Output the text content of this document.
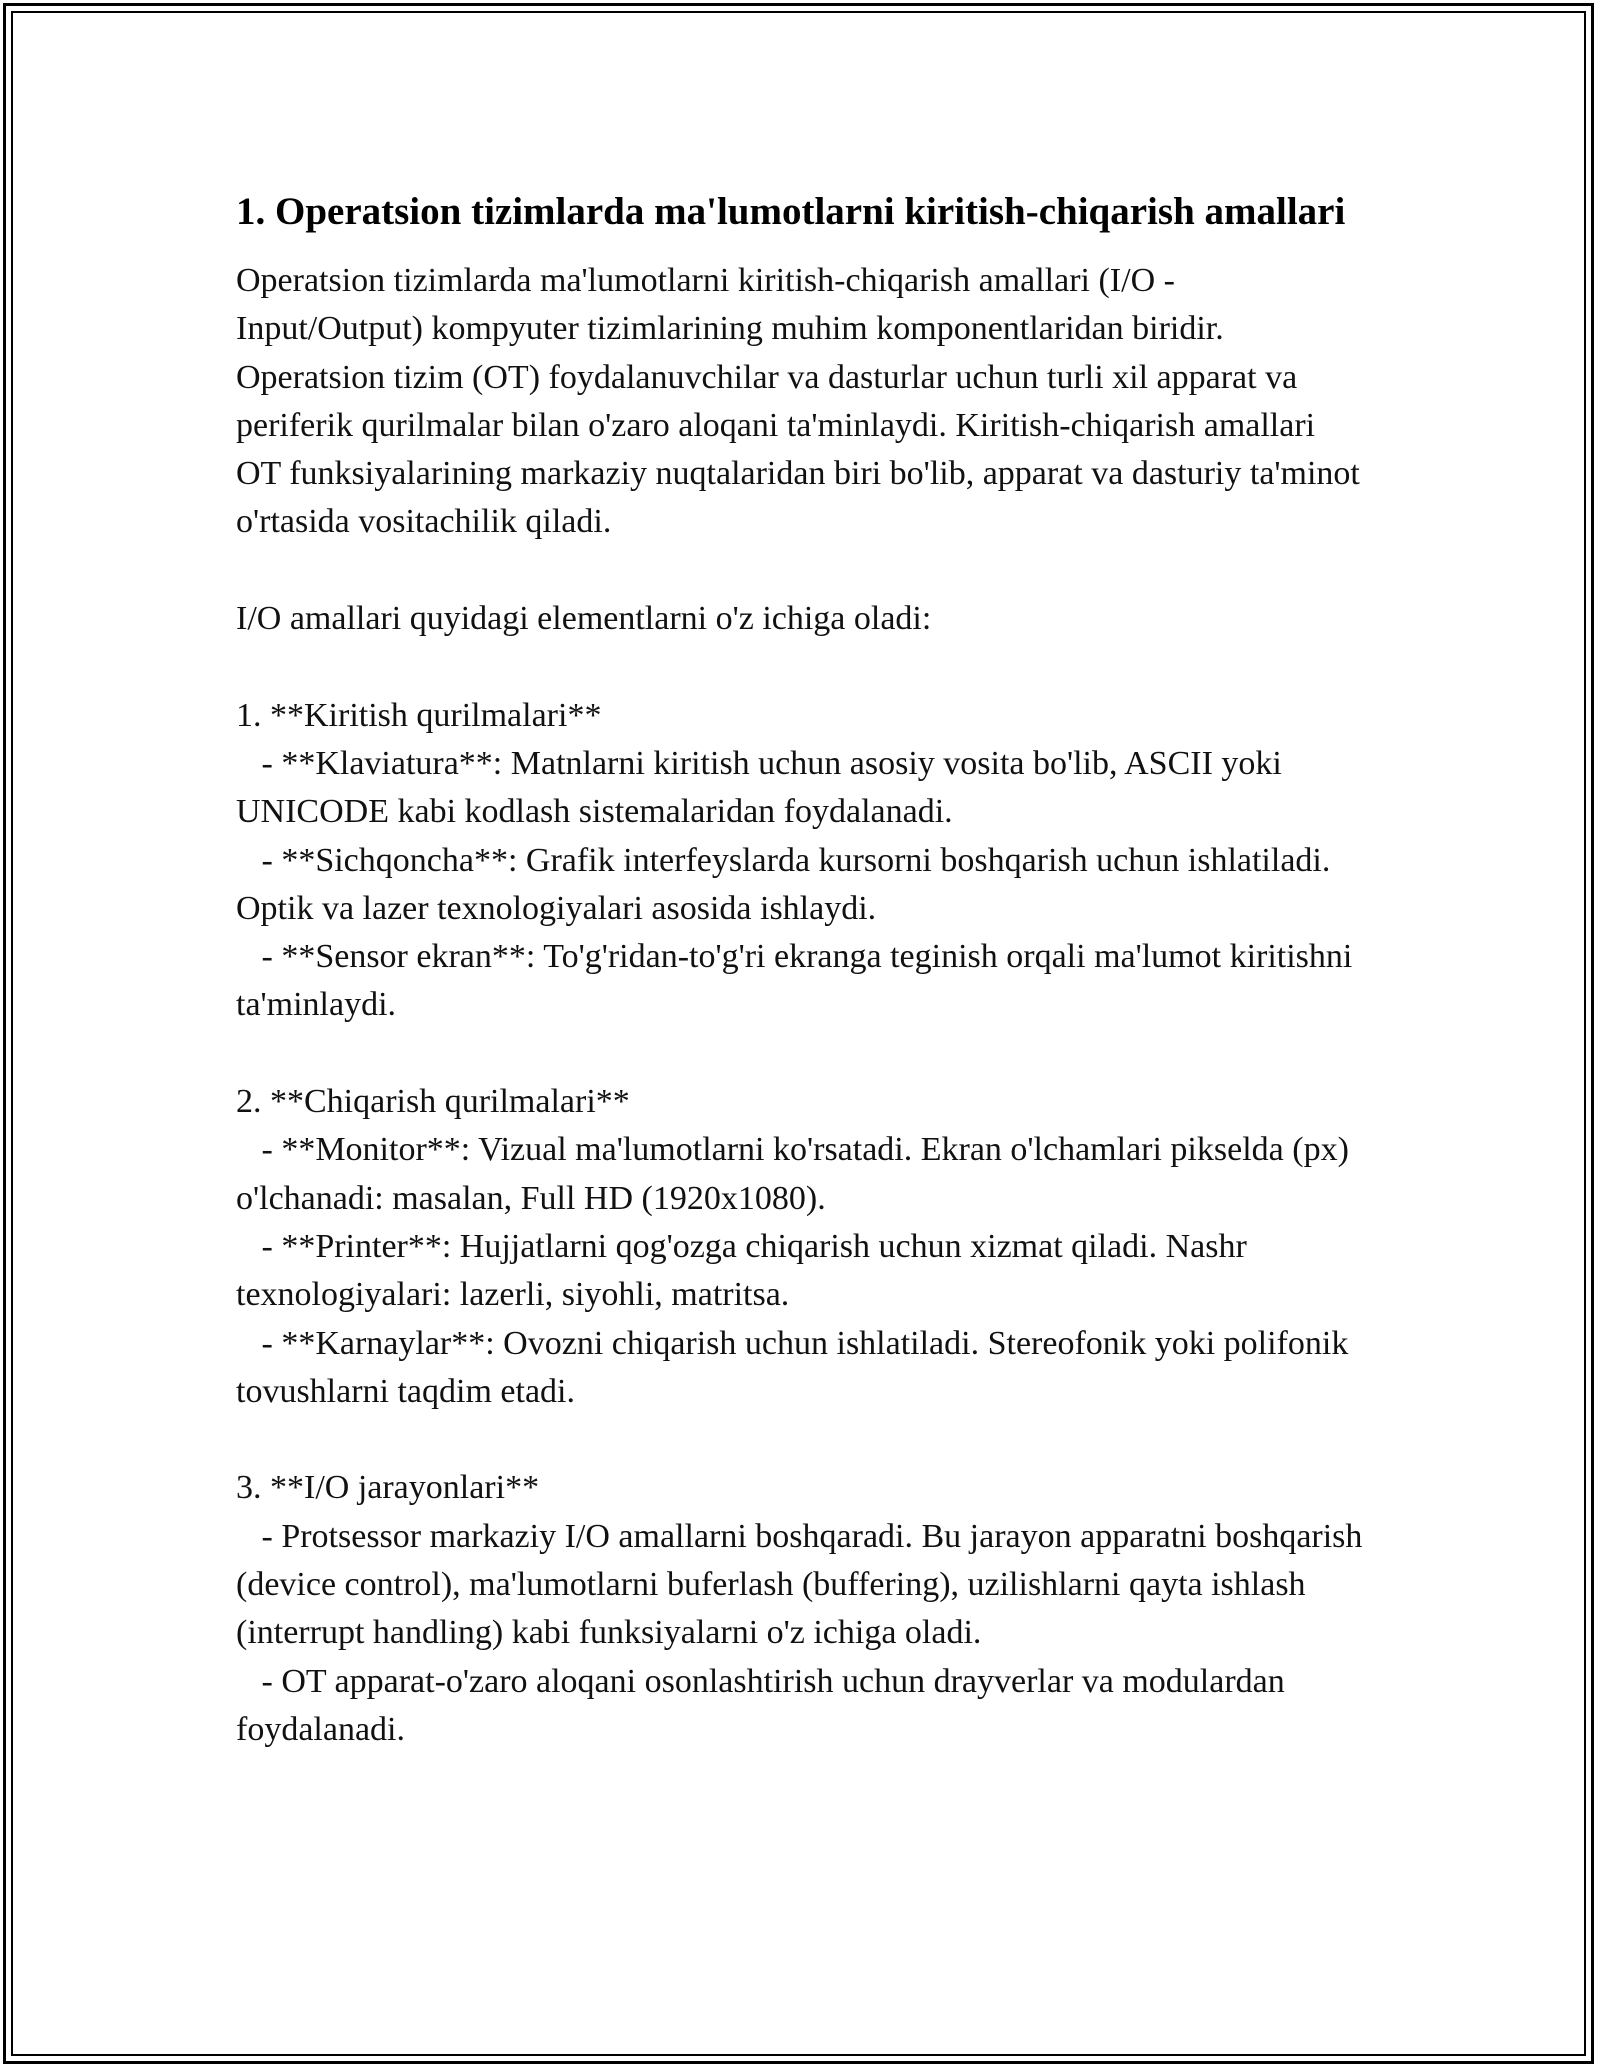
1. Operatsion tizimlarda ma'lumotlarni kiritish-chiqarish amallari

Operatsion tizimlarda ma'lumotlarni kiritish-chiqarish amallari (I/O - Input/Output) kompyuter tizimlarining muhim komponentlaridan biridir. Operatsion tizim (OT) foydalanuvchilar va dasturlar uchun turli xil apparat va periferik qurilmalar bilan o'zaro aloqani ta'minlaydi. Kiritish-chiqarish amallari OT funksiyalarining markaziy nuqtalaridan biri bo'lib, apparat va dasturiy ta'minot o'rtasida vositachilik qiladi.

I/O amallari quyidagi elementlarni o'z ichiga oladi:

1. **Kiritish qurilmalari**

- **Klaviatura**: Matnlarni kiritish uchun asosiy vosita bo'lib, ASCII yoki UNICODE kabi kodlash sistemalaridan foydalanadi.

- **Sichqoncha**: Grafik interfeyslarda kursorni boshqarish uchun ishlatiladi. Optik va lazer texnologiyalari asosida ishlaydi.

- **Sensor ekran**: To'g'ridan-to'g'ri ekranga teginish orqali ma'lumot kiritishni ta'minlaydi.

2. **Chiqarish qurilmalari**

- **Monitor**: Vizual ma'lumotlarni ko'rsatadi. Ekran o'lchamlari pikselda (px) o'lchanadi: masalan, Full HD (1920x1080).

- **Printer**: Hujjatlarni qog'ozga chiqarish uchun xizmat qiladi. Nashr texnologiyalari: lazerli, siyohli, matritsa.

- **Karnaylar**: Ovozni chiqarish uchun ishlatiladi. Stereofonik yoki polifonik tovushlarni taqdim etadi.

3. **I/O jarayonlari**

- Protsessor markaziy I/O amallarni boshqaradi. Bu jarayon apparatni boshqarish (device control), ma'lumotlarni buferlash (buffering), uzilishlarni qayta ishlash (interrupt handling) kabi funksiyalarni o'z ichiga oladi.

- OT apparat-o'zaro aloqani osonlashtirish uchun drayverlar va modulardan foydalanadi.
